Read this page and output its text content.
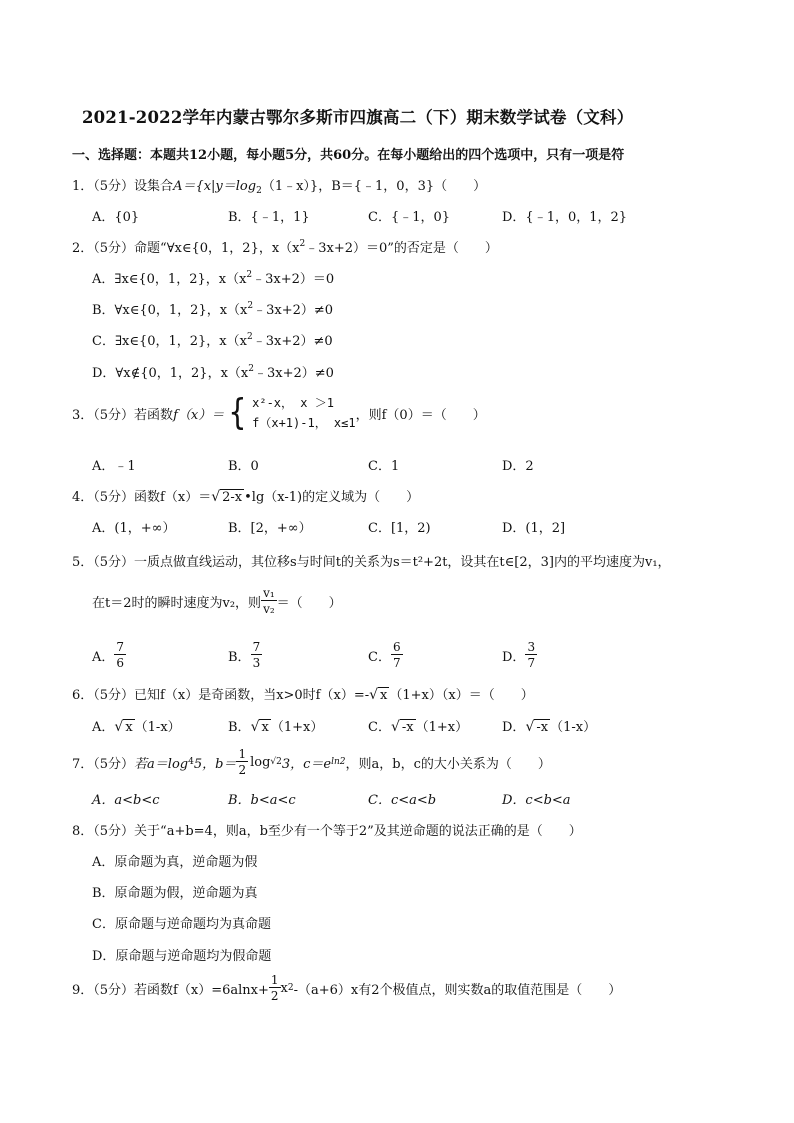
2021-2022学年内蒙古鄂尔多斯市四旗高二（下）期末数学试卷（文科）
一、选择题：本题共12小题，每小题5分，共60分。在每小题给出的四个选项中，只有一项是符
1．（5分）设集合$A=\{x|y=\log_2(1﹣x)\}$，B＝{﹣1，0，3}（　　）
A．{0}	B．{﹣1，1}	C．{﹣1，0}	D．{﹣1，0，1，2}
2．（5分）命题“∀x∈{0，1，2}，$x(x^2﹣3x+2)=0$”的否定是（　　）
A．∃x∈{0，1，2}，$x(x^2﹣3x+2)=0$
B．∀x∈{0，1，2}，$x(x^2﹣3x+2)\ne 0$
C．∃x∈{0，1，2}，$x(x^2﹣3x+2)\ne 0$
D．∀x∉{0，1，2}，$x(x^2﹣3x+2)\ne 0$
3．（5分） 若函数 f（x）＝ { x²-x， x ＞1
f（x+1)-1， x≤1
，则f（0）＝（　　）
A．﹣1	B．0	C．1	D．2
4．（5分）函数f（x）＝√ 2-x •lg（x-1)的定义域为（　　）
A．(1，+∞）	B．[2，+∞）	C．[1，2)	D．(1，2]
5．（5分）一质点做直线运动，其位移s与时间t的关系为s＝t²+2t，设其在t∈[2，3]内的平均速度为v₁，
在t＝2时的瞬时速度为v₂，则 $\frac{\text{v₁}}{\text{v₂}}$ ＝（　　）
A． $\frac{7}{6}$	B． $\frac{7}{3}$	C． $\frac{6}{7}$	D． $\frac{3}{7}$
6．（5分）已知f（x）是奇函数，当x>0时f（x）=-√ x （1+x）（x）＝（　　）
A．√ x （1-x）	B．√ x （1+x）	C．√ -x （1+x）	D．√ -x （1-x）
7．（5分） 若a＝log 4 5，$b= \frac{1}{2}$ log √2 3，c＝e ln2 ，则a，b，c的大小关系为（　　）
A．a<b<c	B．b<a<c	C．c<a<b	D．c<b<a
8．（5分）关于“a+b=4，则a，b至少有一个等于2”及其逆命题的说法正确的是（　　）
A．原命题为真，逆命题为假
B．原命题为假，逆命题为真
C．原命题与逆命题均为真命题
D．原命题与逆命题均为假命题
9．（5分） 若函数$f(x)=6alnx+ \frac{1}{2}$ x 2 -（a+6）x有2个极值点，则实数a的取值范围是（　　）
